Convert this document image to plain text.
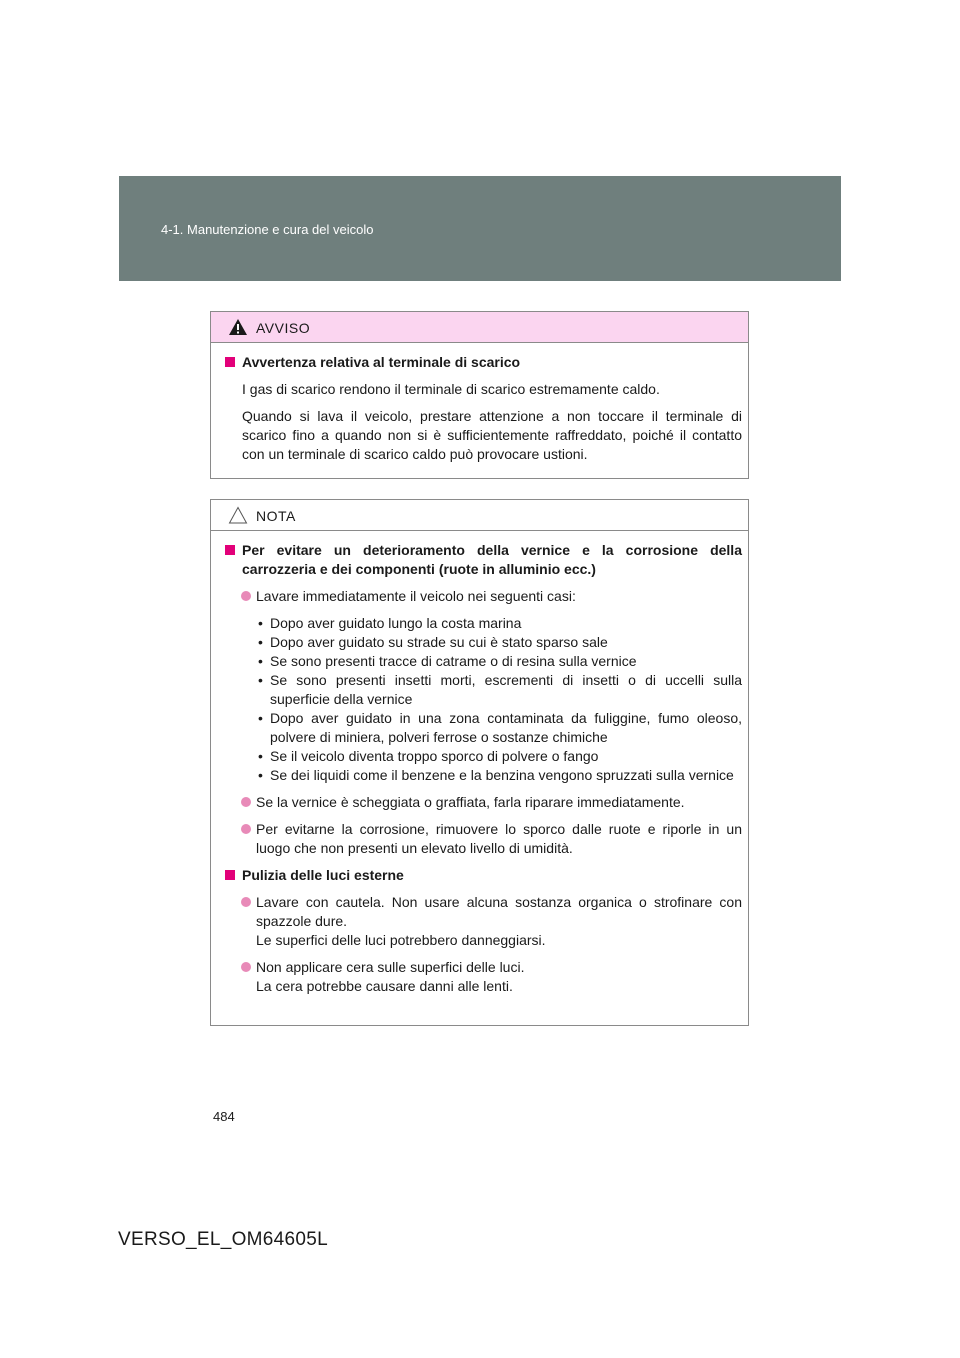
4-1. Manutenzione e cura del veicolo
AVVISO
Avvertenza relativa al terminale di scarico
I gas di scarico rendono il terminale di scarico estremamente caldo.
Quando si lava il veicolo, prestare attenzione a non toccare il terminale di scarico fino a quando non si è sufficientemente raffreddato, poiché il contatto con un terminale di scarico caldo può provocare ustioni.
NOTA
Per evitare un deterioramento della vernice e la corrosione della carrozzeria e dei componenti (ruote in alluminio ecc.)
Lavare immediatamente il veicolo nei seguenti casi:
• Dopo aver guidato lungo la costa marina
• Dopo aver guidato su strade su cui è stato sparso sale
• Se sono presenti tracce di catrame o di resina sulla vernice
• Se sono presenti insetti morti, escrementi di insetti o di uccelli sulla superficie della vernice
• Dopo aver guidato in una zona contaminata da fuliggine, fumo oleoso, polvere di miniera, polveri ferrose o sostanze chimiche
• Se il veicolo diventa troppo sporco di polvere o fango
• Se dei liquidi come il benzene e la benzina vengono spruzzati sulla vernice
Se la vernice è scheggiata o graffiata, farla riparare immediatamente.
Per evitarne la corrosione, rimuovere lo sporco dalle ruote e riporle in un luogo che non presenti un elevato livello di umidità.
Pulizia delle luci esterne
Lavare con cautela. Non usare alcuna sostanza organica o strofinare con spazzole dure.
Le superfici delle luci potrebbero danneggiarsi.
Non applicare cera sulle superfici delle luci.
La cera potrebbe causare danni alle lenti.
484
VERSO_EL_OM64605L
